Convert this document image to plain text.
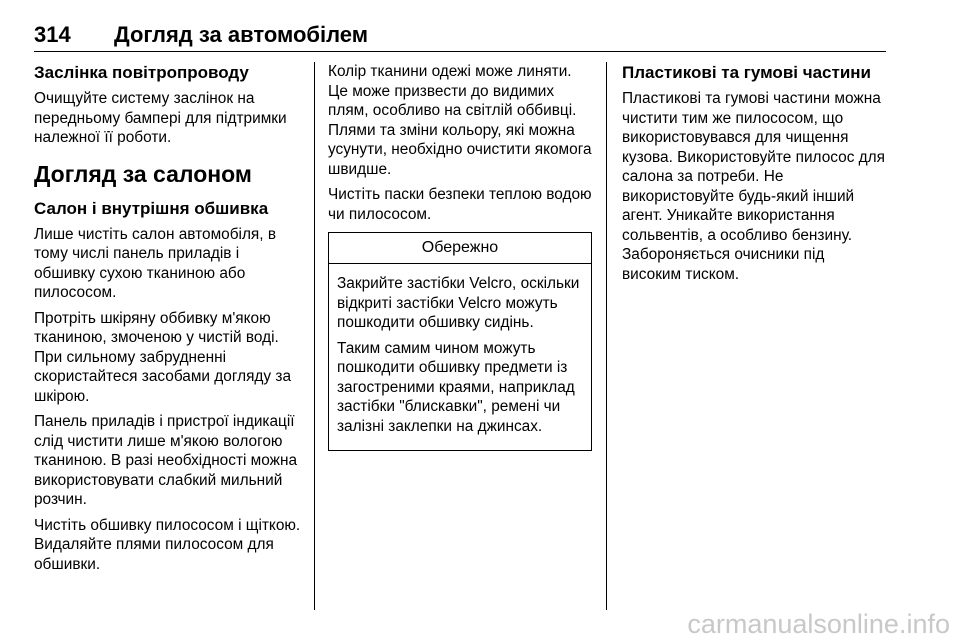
314 Догляд за автомобілем
Заслінка повітропроводу

Очищуйте систему заслінок на передньому бампері для підтримки належної її роботи.

Догляд за салоном
Салон і внутрішня обшивка

Лише чистіть салон автомобіля, в тому числі панель приладів і обшивку сухою тканиною або пилососом.

Протріть шкіряну оббивку м'якою тканиною, змоченою у чистій воді. При сильному забрудненні скористайтеся засобами догляду за шкірою.

Панель приладів і пристрої індикації слід чистити лише м'якою вологою тканиною. В разі необхідності можна використовувати слабкий мильний розчин.

Чистіть обшивку пилососом і щіткою. Видаляйте плями пилососом для обшивки.

Колір тканини одежі може линяти. Це може призвести до видимих плям, особливо на світлій оббивці. Плями та зміни кольору, які можна усунути, необхідно очистити якомога швидше.

Чистіть паски безпеки теплою водою чи пилососом.

Обережно

Закрийте застібки Velcro, оскільки відкриті застібки Velcro можуть пошкодити обшивку сидінь.

Таким самим чином можуть пошкодити обшивку предмети із загостреними краями, наприклад застібки "блискавки", ремені чи залізні заклепки на джинсах.

Пластикові та гумові частини

Пластикові та гумові частини можна чистити тим же пилососом, що використовувався для чищення кузова. Використовуйте пилосос для салона за потреби. Не використовуйте будь-який інший агент. Уникайте використання сольвентів, а особливо бензину. Забороняється очисники під високим тиском.

carmanualsonline.info
